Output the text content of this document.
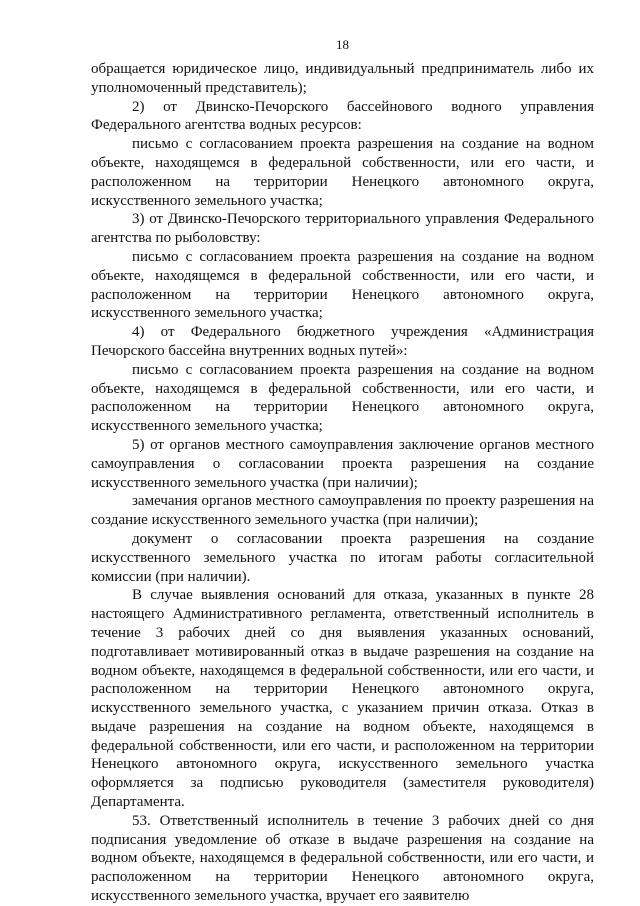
18

обращается юридическое лицо, индивидуальный предприниматель либо их уполномоченный представитель);

2) от Двинско-Печорского бассейнового водного управления Федерального агентства водных ресурсов:

письмо с согласованием проекта разрешения на создание на водном объекте, находящемся в федеральной собственности, или его части, и расположенном на территории Ненецкого автономного округа, искусственного земельного участка;

3) от Двинско-Печорского территориального управления Федерального агентства по рыболовству:

письмо с согласованием проекта разрешения на создание на водном объекте, находящемся в федеральной собственности, или его части, и расположенном на территории Ненецкого автономного округа, искусственного земельного участка;

4) от Федерального бюджетного учреждения «Администрация Печорского бассейна внутренних водных путей»:

письмо с согласованием проекта разрешения на создание на водном объекте, находящемся в федеральной собственности, или его части, и расположенном на территории Ненецкого автономного округа, искусственного земельного участка;

5) от органов местного самоуправления заключение органов местного самоуправления о согласовании проекта разрешения на создание искусственного земельного участка (при наличии);

замечания органов местного самоуправления по проекту разрешения на создание искусственного земельного участка (при наличии);

документ о согласовании проекта разрешения на создание искусственного земельного участка по итогам работы согласительной комиссии (при наличии).

В случае выявления оснований для отказа, указанных в пункте 28 настоящего Административного регламента, ответственный исполнитель в течение 3 рабочих дней со дня выявления указанных оснований, подготавливает мотивированный отказ в выдаче разрешения на создание на водном объекте, находящемся в федеральной собственности, или его части, и расположенном на территории Ненецкого автономного округа, искусственного земельного участка, с указанием причин отказа. Отказ в выдаче разрешения на создание на водном объекте, находящемся в федеральной собственности, или его части, и расположенном на территории Ненецкого автономного округа, искусственного земельного участка оформляется за подписью руководителя (заместителя руководителя) Департамента.

53. Ответственный исполнитель в течение 3 рабочих дней со дня подписания уведомление об отказе в выдаче разрешения на создание на водном объекте, находящемся в федеральной собственности, или его части, и расположенном на территории Ненецкого автономного округа, искусственного земельного участка, вручает его заявителю
